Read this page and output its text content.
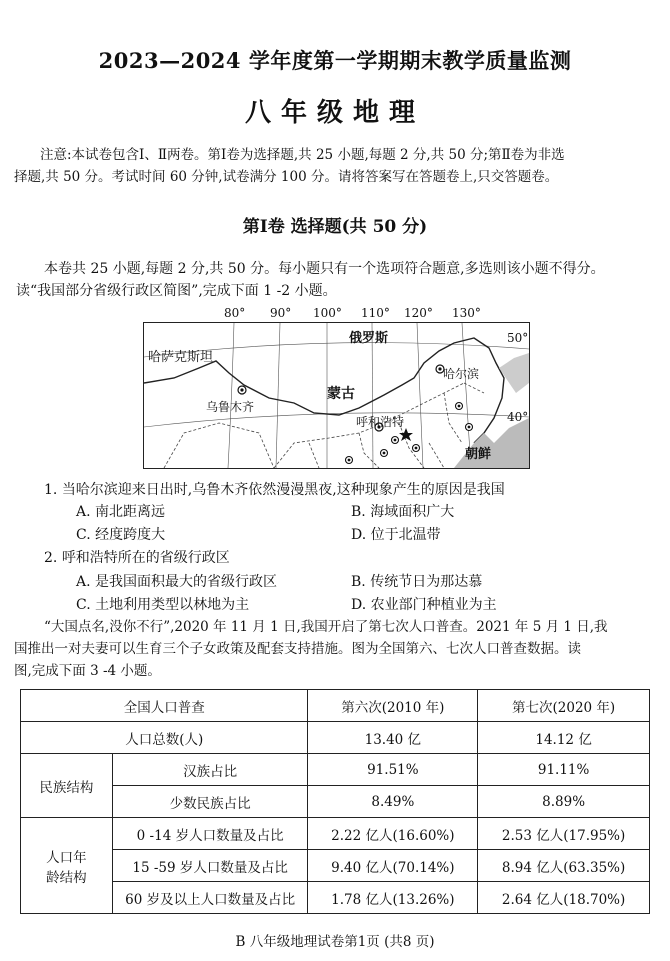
2023—2024 学年度第一学期期末教学质量监测
八年级地理
注意:本试卷包含Ⅰ、Ⅱ两卷。第Ⅰ卷为选择题,共 25 小题,每题 2 分,共 50 分;第Ⅱ卷为非选
择题,共 50 分。考试时间 60 分钟,试卷满分 100 分。请将答案写在答题卷上,只交答题卷。
第Ⅰ卷 选择题(共 50 分)
本卷共 25 小题,每题 2 分,共 50 分。每小题只有一个选项符合题意,多选则该小题不得分。
读“我国部分省级行政区简图”,完成下面 1 -2 小题。
80° 90° 100° 110° 120° 130°
俄罗斯
哈萨克斯坦
蒙古
乌鲁木齐
哈尔滨
呼和浩特
朝鲜
50°
40°
1. 当哈尔滨迎来日出时,乌鲁木齐依然漫漫黑夜,这种现象产生的原因是我国
A. 南北距离远	B. 海域面积广大
C. 经度跨度大	D. 位于北温带
2. 呼和浩特所在的省级行政区
A. 是我国面积最大的省级行政区	B. 传统节日为那达慕
C. 土地利用类型以林地为主	D. 农业部门种植业为主
“大国点名,没你不行”,2020 年 11 月 1 日,我国开启了第七次人口普查。2021 年 5 月 1 日,我
国推出一对夫妻可以生育三个子女政策及配套支持措施。图为全国第六、七次人口普查数据。读
图,完成下面 3 -4 小题。
全国人口普查		第六次(2010 年)	第七次(2020 年)
人口总数(人)		13.40 亿	14.12 亿
民族结构	汉族占比	91.51%	91.11%
	少数民族占比	8.49%	8.89%

人口年
龄结构	0 -14 岁人口数量及占比	2.22 亿人(16.60%)	2.53 亿人(17.95%)
	15 -59 岁人口数量及占比	9.40 亿人(70.14%)	8.94 亿人(63.35%)
	60 岁及以上人口数量及占比	1.78 亿人(13.26%)	2.64 亿人(18.70%)
B 八年级地理试卷第1页 (共8 页)
